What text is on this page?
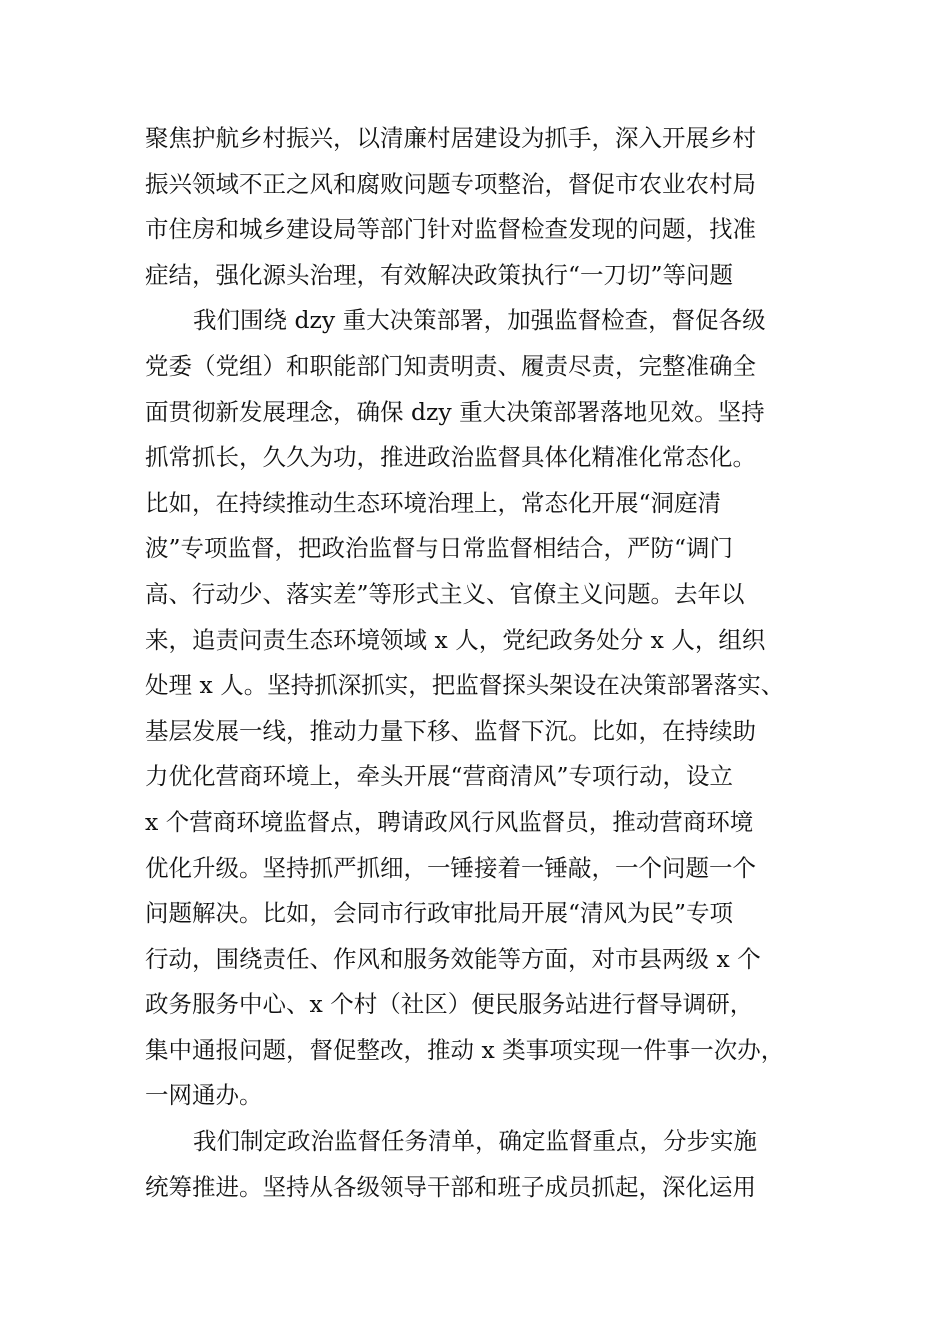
聚焦护航乡村振兴，以清廉村居建设为抓手，深入开展乡村
振兴领域不正之风和腐败问题专项整治，督促市农业农村局
市住房和城乡建设局等部门针对监督检查发现的问题，找准
症结，强化源头治理，有效解决政策执行“一刀切”等问题
我们围绕 dzy 重大决策部署，加强监督检查，督促各级
党委（党组）和职能部门知责明责、履责尽责，完整准确全
面贯彻新发展理念，确保 dzy 重大决策部署落地见效。坚持
抓常抓长，久久为功，推进政治监督具体化精准化常态化。
比如，在持续推动生态环境治理上，常态化开展“洞庭清
波”专项监督，把政治监督与日常监督相结合，严防“调门
高、行动少、落实差”等形式主义、官僚主义问题。去年以
来，追责问责生态环境领域 x 人，党纪政务处分 x 人，组织
处理 x 人。坚持抓深抓实，把监督探头架设在决策部署落实、
基层发展一线，推动力量下移、监督下沉。比如，在持续助
力优化营商环境上，牵头开展“营商清风”专项行动，设立
x 个营商环境监督点，聘请政风行风监督员，推动营商环境
优化升级。坚持抓严抓细，一锤接着一锤敲，一个问题一个
问题解决。比如，会同市行政审批局开展“清风为民”专项
行动，围绕责任、作风和服务效能等方面，对市县两级 x 个
政务服务中心、x 个村（社区）便民服务站进行督导调研，
集中通报问题，督促整改，推动 x 类事项实现一件事一次办，
一网通办。
我们制定政治监督任务清单，确定监督重点，分步实施
统筹推进。坚持从各级领导干部和班子成员抓起，深化运用
